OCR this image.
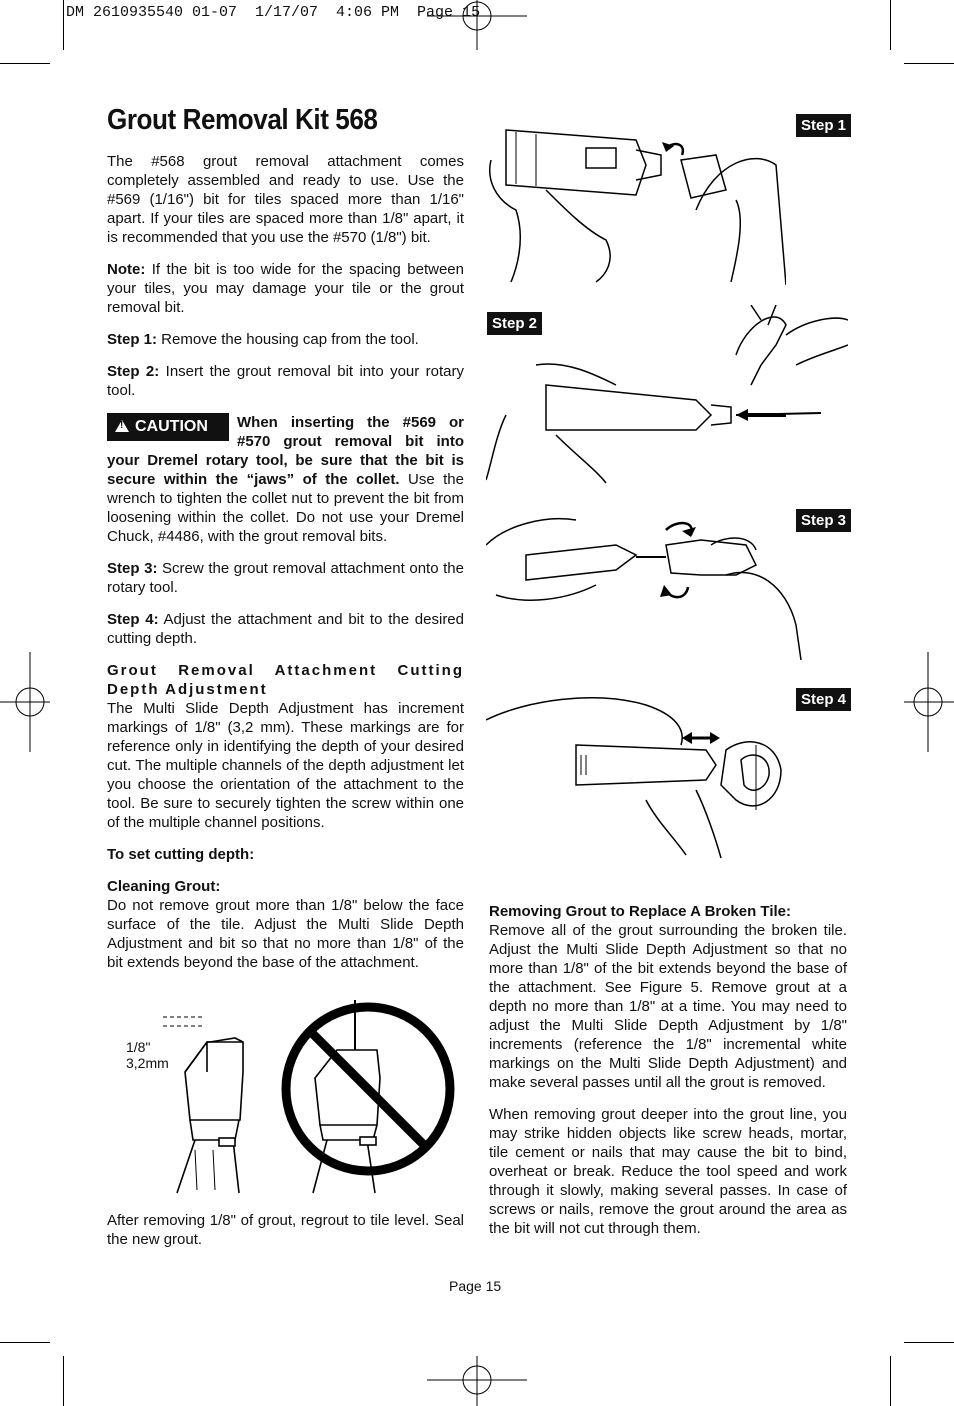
DM 2610935540 01-07  1/17/07  4:06 PM  Page 15
Grout Removal Kit 568

The #568 grout removal attachment comes completely assembled and ready to use. Use the #569 (1/16") bit for tiles spaced more than 1/16" apart. If your tiles are spaced more than 1/8" apart, it is recommended that you use the #570 (1/8") bit.

Note: If the bit is too wide for the spacing between your tiles, you may damage your tile or the grout removal bit.

Step 1: Remove the housing cap from the tool.

Step 2: Insert the grout removal bit into your rotary tool.

!CAUTION	When inserting the #569 or #570 grout removal bit into your Dremel rotary tool, be sure that the bit is secure within the “jaws” of the collet. Use the wrench to tighten the collet nut to prevent the bit from loosening within the collet. Do not use your Dremel Chuck, #4486, with the grout removal bits.

Step 3: Screw the grout removal attachment onto the rotary tool.

Step 4: Adjust the attachment and bit to the desired cutting depth.

Grout Removal Attachment Cutting Depth Adjustment
The Multi Slide Depth Adjustment has increment markings of 1/8" (3,2 mm). These markings are for reference only in identifying the depth of your desired cut. The multiple channels of the depth adjustment let you choose the orientation of the attachment to the tool. Be sure to securely tighten the screw within one of the multiple channel positions.

To set cutting depth:

Cleaning Grout:
Do not remove grout more than 1/8" below the face surface of the tile. Adjust the Multi Slide Depth Adjustment and bit so that no more than 1/8" of the bit extends beyond the base of the attachment.

1/8"
3,2mm

After removing 1/8" of grout, regrout to tile level. Seal the new grout.

Step 1
Step 2
Step 3
Step 4

Removing Grout to Replace A Broken Tile:
Remove all of the grout surrounding the broken tile. Adjust the Multi Slide Depth Adjustment so that no more than 1/8" of the bit extends beyond the base of the attachment. See Figure 5. Remove grout at a depth no more than 1/8" at a time. You may need to adjust the Multi Slide Depth Adjustment by 1/8" increments (reference the 1/8" incremental white markings on the Multi Slide Depth Adjustment) and make several passes until all the grout is removed.

When removing grout deeper into the grout line, you may strike hidden objects like screw heads, mortar, tile cement or nails that may cause the bit to bind, overheat or break. Reduce the tool speed and work through it slowly, making several passes. In case of screws or nails, remove the grout around the area as the bit will not cut through them.

Page 15
